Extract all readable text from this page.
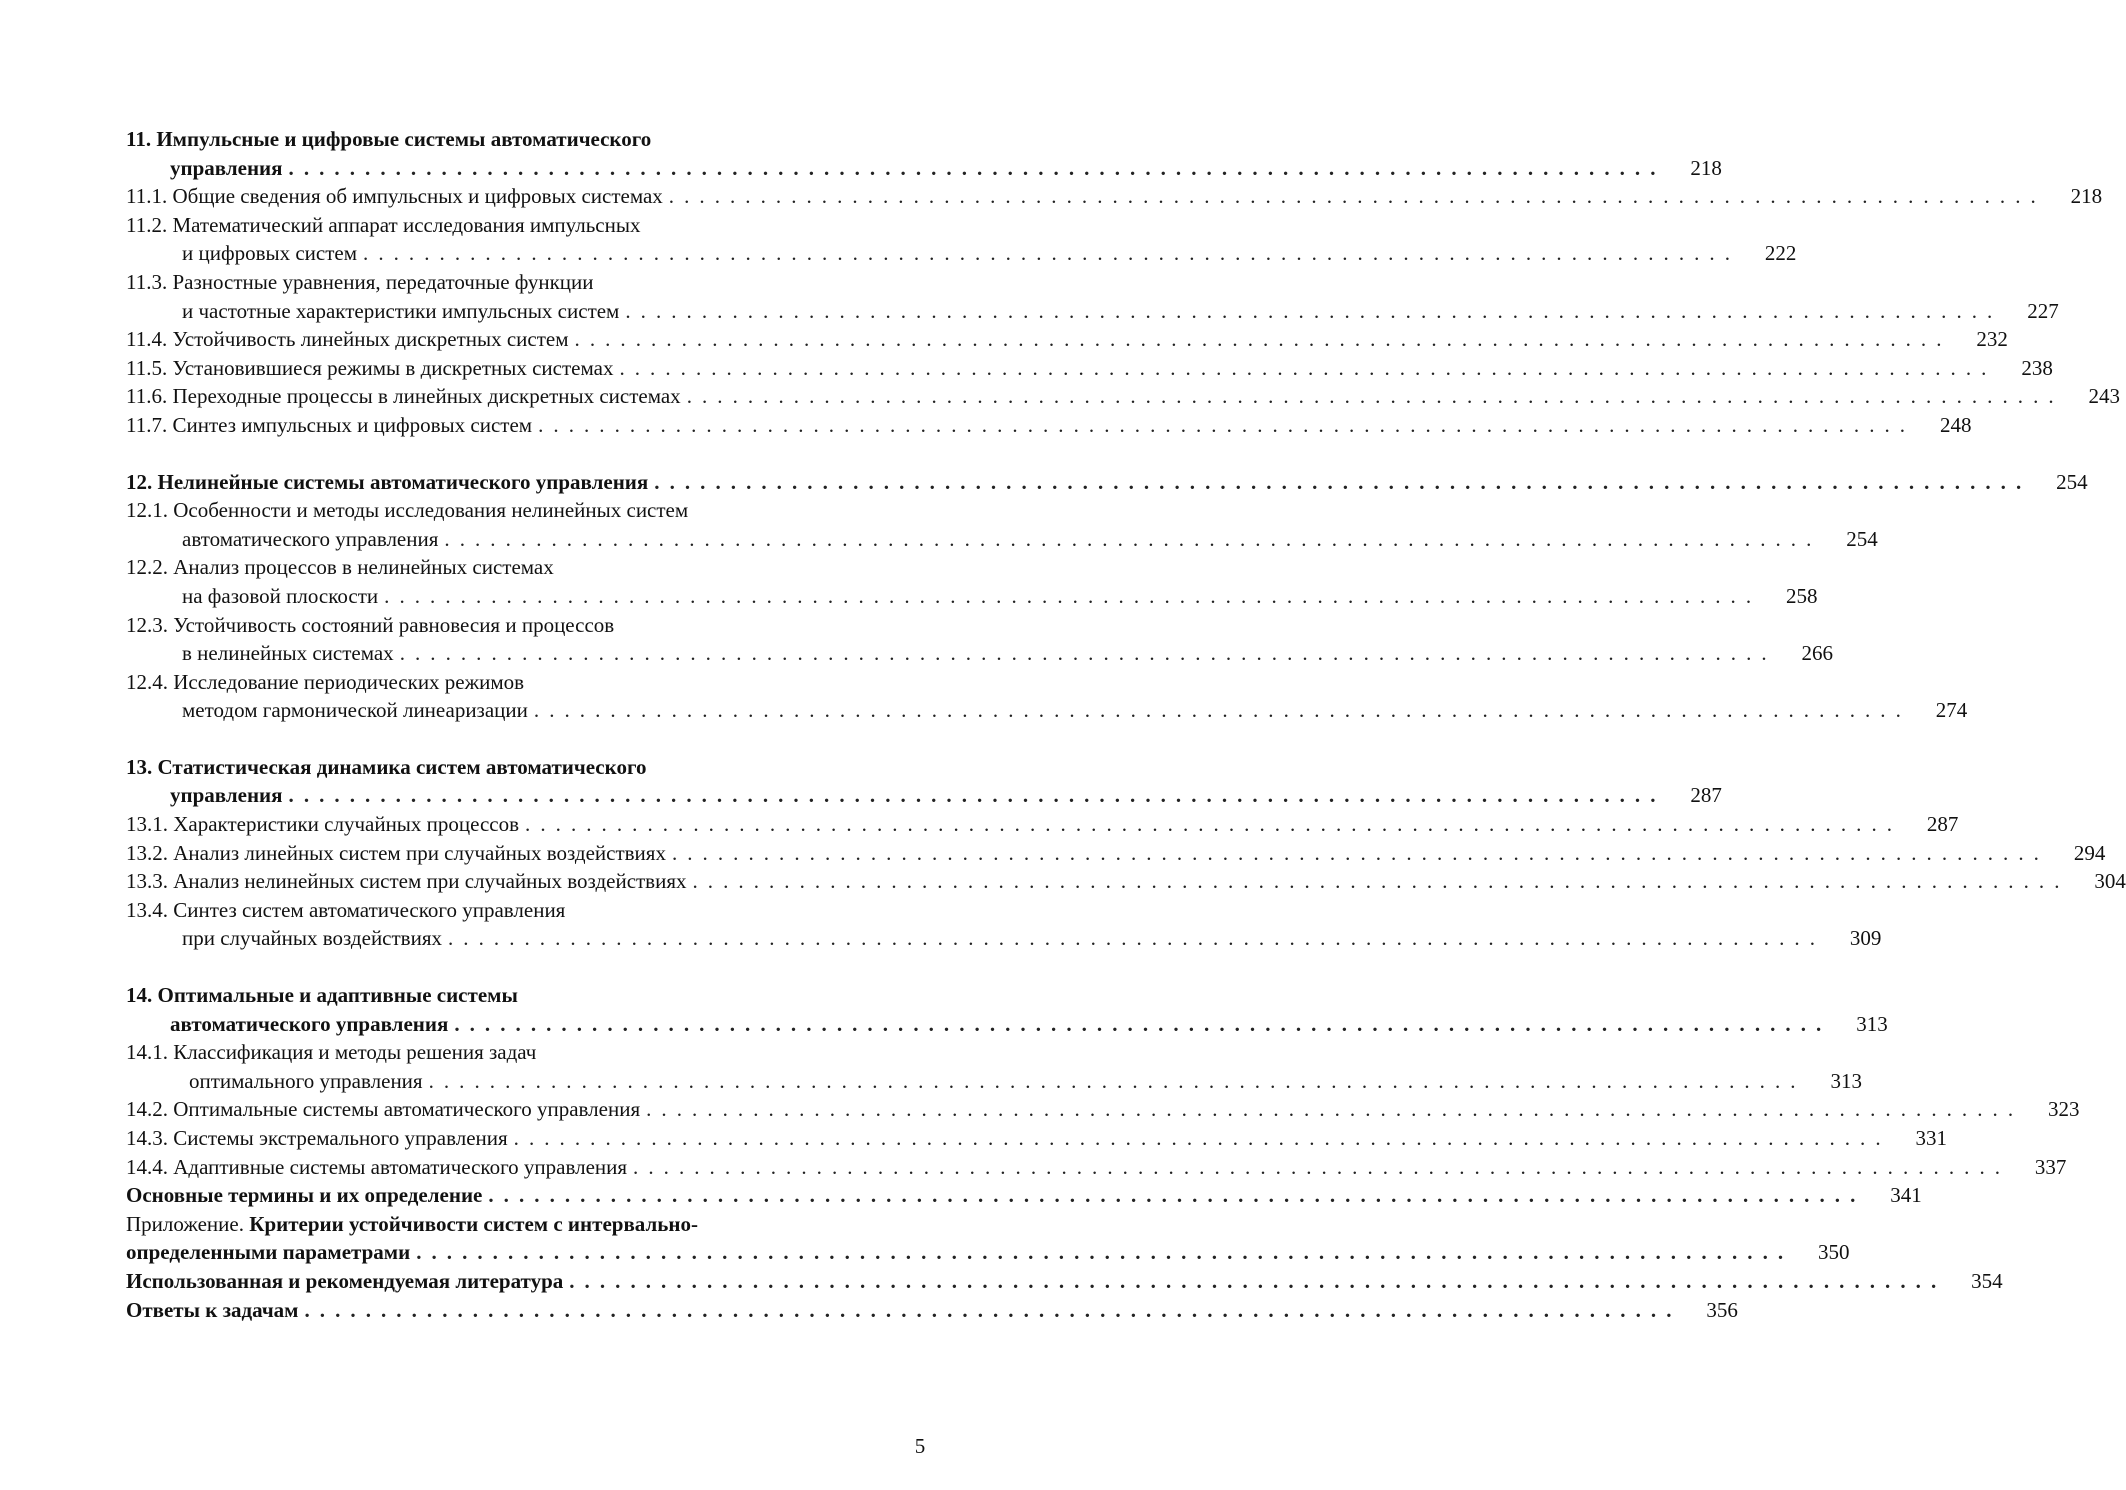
11. Импульсные и цифровые системы автоматического
управления . . . . . . . . . . . . . . . . . . . . . . . . . . . . . . . . . . . . . . . . . . . . . . . . . . . . . . . . . . . . . . . . . . . . . . . . . . . . . . . . . . . . . . . . . .	218
11.1. Общие сведения об импульсных и цифровых системах . . . . . . . . . . . . . . . . . . . . . . . . . . . . . . . . . . . . . . . . . . . . . . . . . . . . . . . . . . . . . . . . . . . . . . . . . . . . . . . . . . . . . . . . . .	218
11.2. Математический аппарат исследования импульсных
и цифровых систем . . . . . . . . . . . . . . . . . . . . . . . . . . . . . . . . . . . . . . . . . . . . . . . . . . . . . . . . . . . . . . . . . . . . . . . . . . . . . . . . . . . . . . . . . .	222
11.3. Разностные уравнения, передаточные функции
и частотные характеристики импульсных систем . . . . . . . . . . . . . . . . . . . . . . . . . . . . . . . . . . . . . . . . . . . . . . . . . . . . . . . . . . . . . . . . . . . . . . . . . . . . . . . . . . . . . . . . . .	227
11.4. Устойчивость линейных дискретных систем . . . . . . . . . . . . . . . . . . . . . . . . . . . . . . . . . . . . . . . . . . . . . . . . . . . . . . . . . . . . . . . . . . . . . . . . . . . . . . . . . . . . . . . . . .	232
11.5. Установившиеся режимы в дискретных системах . . . . . . . . . . . . . . . . . . . . . . . . . . . . . . . . . . . . . . . . . . . . . . . . . . . . . . . . . . . . . . . . . . . . . . . . . . . . . . . . . . . . . . . . . .	238
11.6. Переходные процессы в линейных дискретных системах . . . . . . . . . . . . . . . . . . . . . . . . . . . . . . . . . . . . . . . . . . . . . . . . . . . . . . . . . . . . . . . . . . . . . . . . . . . . . . . . . . . . . . . . . .	243
11.7. Синтез импульсных и цифровых систем . . . . . . . . . . . . . . . . . . . . . . . . . . . . . . . . . . . . . . . . . . . . . . . . . . . . . . . . . . . . . . . . . . . . . . . . . . . . . . . . . . . . . . . . . .	248
12. Нелинейные системы автоматического управления . . . . . . . . . . . . . . . . . . . . . . . . . . . . . . . . . . . . . . . . . . . . . . . . . . . . . . . . . . . . . . . . . . . . . . . . . . . . . . . . . . . . . . . . . .	254
12.1. Особенности и методы исследования нелинейных систем
автоматического управления . . . . . . . . . . . . . . . . . . . . . . . . . . . . . . . . . . . . . . . . . . . . . . . . . . . . . . . . . . . . . . . . . . . . . . . . . . . . . . . . . . . . . . . . . .	254
12.2. Анализ процессов в нелинейных системах
на фазовой плоскости . . . . . . . . . . . . . . . . . . . . . . . . . . . . . . . . . . . . . . . . . . . . . . . . . . . . . . . . . . . . . . . . . . . . . . . . . . . . . . . . . . . . . . . . . .	258
12.3. Устойчивость состояний равновесия и процессов
в нелинейных системах . . . . . . . . . . . . . . . . . . . . . . . . . . . . . . . . . . . . . . . . . . . . . . . . . . . . . . . . . . . . . . . . . . . . . . . . . . . . . . . . . . . . . . . . . .	266
12.4. Исследование периодических режимов
методом гармонической линеаризации . . . . . . . . . . . . . . . . . . . . . . . . . . . . . . . . . . . . . . . . . . . . . . . . . . . . . . . . . . . . . . . . . . . . . . . . . . . . . . . . . . . . . . . . . .	274
13. Статистическая динамика систем автоматического
управления . . . . . . . . . . . . . . . . . . . . . . . . . . . . . . . . . . . . . . . . . . . . . . . . . . . . . . . . . . . . . . . . . . . . . . . . . . . . . . . . . . . . . . . . . .	287
13.1. Характеристики случайных процессов . . . . . . . . . . . . . . . . . . . . . . . . . . . . . . . . . . . . . . . . . . . . . . . . . . . . . . . . . . . . . . . . . . . . . . . . . . . . . . . . . . . . . . . . . .	287
13.2. Анализ линейных систем при случайных воздействиях . . . . . . . . . . . . . . . . . . . . . . . . . . . . . . . . . . . . . . . . . . . . . . . . . . . . . . . . . . . . . . . . . . . . . . . . . . . . . . . . . . . . . . . . . .	294
13.3. Анализ нелинейных систем при случайных воздействиях . . . . . . . . . . . . . . . . . . . . . . . . . . . . . . . . . . . . . . . . . . . . . . . . . . . . . . . . . . . . . . . . . . . . . . . . . . . . . . . . . . . . . . . . . .	304
13.4. Синтез систем автоматического управления
при случайных воздействиях . . . . . . . . . . . . . . . . . . . . . . . . . . . . . . . . . . . . . . . . . . . . . . . . . . . . . . . . . . . . . . . . . . . . . . . . . . . . . . . . . . . . . . . . . .	309
14. Оптимальные и адаптивные системы
автоматического управления . . . . . . . . . . . . . . . . . . . . . . . . . . . . . . . . . . . . . . . . . . . . . . . . . . . . . . . . . . . . . . . . . . . . . . . . . . . . . . . . . . . . . . . . . .	313
14.1. Классификация и методы решения задач
оптимального управления . . . . . . . . . . . . . . . . . . . . . . . . . . . . . . . . . . . . . . . . . . . . . . . . . . . . . . . . . . . . . . . . . . . . . . . . . . . . . . . . . . . . . . . . . .	313
14.2. Оптимальные системы автоматического управления . . . . . . . . . . . . . . . . . . . . . . . . . . . . . . . . . . . . . . . . . . . . . . . . . . . . . . . . . . . . . . . . . . . . . . . . . . . . . . . . . . . . . . . . . .	323
14.3. Системы экстремального управления . . . . . . . . . . . . . . . . . . . . . . . . . . . . . . . . . . . . . . . . . . . . . . . . . . . . . . . . . . . . . . . . . . . . . . . . . . . . . . . . . . . . . . . . . .	331
14.4. Адаптивные системы автоматического управления . . . . . . . . . . . . . . . . . . . . . . . . . . . . . . . . . . . . . . . . . . . . . . . . . . . . . . . . . . . . . . . . . . . . . . . . . . . . . . . . . . . . . . . . . .	337
Основные термины и их определение . . . . . . . . . . . . . . . . . . . . . . . . . . . . . . . . . . . . . . . . . . . . . . . . . . . . . . . . . . . . . . . . . . . . . . . . . . . . . . . . . . . . . . . . . .	341
Приложение. Критерии устойчивости систем с интервально-
определенными параметрами . . . . . . . . . . . . . . . . . . . . . . . . . . . . . . . . . . . . . . . . . . . . . . . . . . . . . . . . . . . . . . . . . . . . . . . . . . . . . . . . . . . . . . . . . .	350
Использованная и рекомендуемая литература . . . . . . . . . . . . . . . . . . . . . . . . . . . . . . . . . . . . . . . . . . . . . . . . . . . . . . . . . . . . . . . . . . . . . . . . . . . . . . . . . . . . . . . . . .	354
Ответы к задачам . . . . . . . . . . . . . . . . . . . . . . . . . . . . . . . . . . . . . . . . . . . . . . . . . . . . . . . . . . . . . . . . . . . . . . . . . . . . . . . . . . . . . . . . . .	356
5
